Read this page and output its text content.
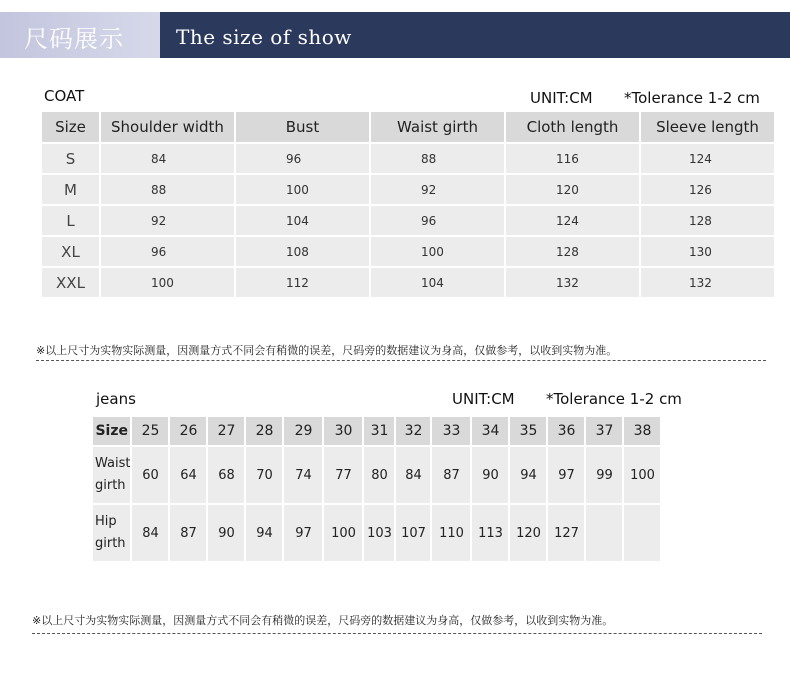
尺码展示	The size of show
COAT	UNIT:CM *Tolerance 1-2 cm
Size	Shoulder width	Bust	Waist girth	Cloth length	Sleeve length
S	84	96	88	116	124
M	88	100	92	120	126
L	92	104	96	124	128
XL	96	108	100	128	130
XXL	100	112	104	132	132
※以上尺寸为实物实际测量，因测量方式不同会有稍微的误差，尺码旁的数据建议为身高，仅做参考，以收到实物为准。
jeans	UNIT:CM *Tolerance 1-2 cm
Size	25	26	27	28	29	30	31	32	33	34	35	36	37	38
Waist
girth	60	64	68	70	74	77	80	84	87	90	94	97	99	100
Hip
girth	84	87	90	94	97	100	103	107	110	113	120	127		
※以上尺寸为实物实际测量，因测量方式不同会有稍微的误差，尺码旁的数据建议为身高，仅做参考，以收到实物为准。
